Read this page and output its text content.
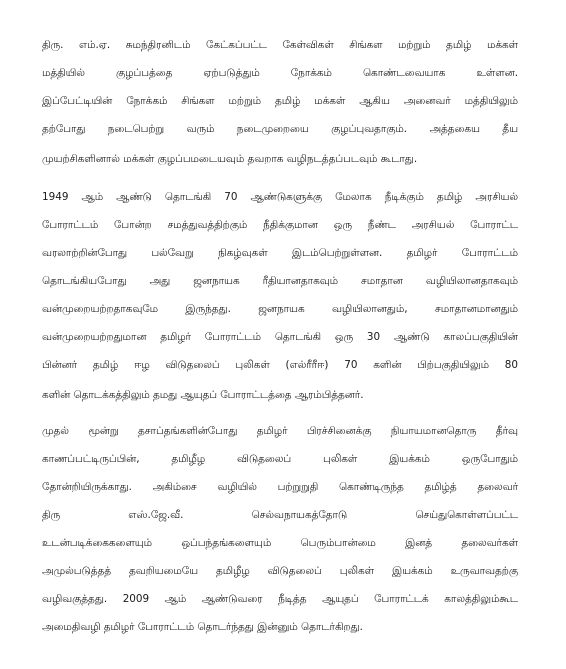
திரு. எம்.ஏ. சுமந்திரனிடம் கேட்கப்பட்ட கேள்விகள் சிங்கள மற்றும் தமிழ் மக்கள்
மத்தியில் குழப்பத்தை ஏற்படுத்தும் நோக்கம் கொண்டவையாக உள்ளன.
இப்பேட்டியின் நோக்கம் சிங்கள மற்றும் தமிழ் மக்கள் ஆகிய அனைவர் மத்தியிலும்
தற்போது நடைபெற்று வரும் நடைமுறையை குழப்புவதாகும். அத்தகைய தீய
முயற்சிகளினால் மக்கள் குழப்பமடையவும் தவறாக வழிநடத்தப்படவும் கூடாது.
1949 ஆம் ஆண்டு தொடங்கி 70 ஆண்டுகளுக்கு மேலாக நீடிக்கும் தமிழ் அரசியல்
போராட்டம் போன்ற சமத்துவத்திற்கும் நீதிக்குமான ஒரு நீண்ட அரசியல் போராட்ட
வரலாற்றின்போது பல்வேறு நிகழ்வுகள் இடம்பெற்றுள்ளன. தமிழர் போராட்டம்
தொடங்கியபோது அது ஜனநாயக ரீதியானதாகவும் சமாதான வழியிலானதாகவும்
வன்முறையற்றதாகவுமே இருந்தது. ஜனநாயக வழியிலானதும், சமாதானமானதும்
வன்முறையற்றதுமான தமிழர் போராட்டம் தொடங்கி ஒரு 30 ஆண்டு காலப்பகுதியின்
பின்னர் தமிழ் ஈழ விடுதலைப் புலிகள் (எல்ரீரீஈ) 70 களின் பிற்பகுதியிலும் 80
களின் தொடக்கத்திலும் தமது ஆயுதப் போராட்டத்தை ஆரம்பித்தனர்.
முதல் மூன்று தசாப்தங்களின்போது தமிழர் பிரச்சினைக்கு நியாயமானதொரு தீர்வு
காணப்பட்டிருப்பின், தமிழீழ விடுதலைப் புலிகள் இயக்கம் ஒருபோதும்
தோன்றியிருக்காது. அகிம்சை வழியில் பற்றுறுதி கொண்டிருந்த தமிழ்த் தலைவர்
திரு எஸ்.ஜே.வீ. செல்வநாயகத்தோடு செய்துகொள்ளப்பட்ட
உடன்படிக்கைகளையும் ஒப்பந்தங்களையும் பெரும்பான்மை இனத் தலைவர்கள்
அமுல்படுத்தத் தவறியமையே தமிழீழ விடுதலைப் புலிகள் இயக்கம் உருவாவதற்கு
வழிவகுத்தது. 2009 ஆம் ஆண்டுவரை நீடித்த ஆயுதப் போராட்டக் காலத்திலும்கூட
அமைதிவழி தமிழர் போராட்டம் தொடர்ந்தது இன்னும் தொடர்கிறது.
